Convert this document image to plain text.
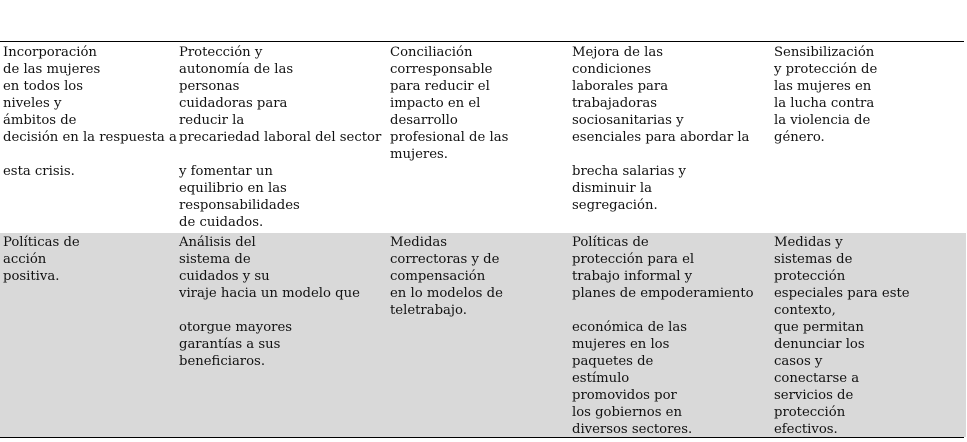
Incorporación
de las mujeres
en todos los
niveles y
ámbitos de
decisión en la respuesta a
esta crisis.
Protección y
autonomía de las
personas
cuidadoras para
reducir la
precariedad laboral del sector
y fomentar un
equilibrio en las
responsabilidades
de cuidados.
Conciliación
corresponsable
para reducir el
impacto en el
desarrollo
profesional de las
mujeres.
Mejora de las
condiciones
laborales para
trabajadoras
sociosanitarias y
esenciales para abordar la
brecha salarias y
disminuir la
segregación.
Sensibilización
y protección de
las mujeres en
la lucha contra
la violencia de
género.
Políticas de
acción
positiva.
Análisis del
sistema de
cuidados y su
viraje hacia un modelo que
otorgue mayores
garantías a sus
beneficiaros.
Medidas
correctoras y de
compensación
en lo modelos de
teletrabajo.
Políticas de
protección para el
trabajo informal y
planes de empoderamiento
económica de las
mujeres en los
paquetes de
estímulo
promovidos por
los gobiernos en
diversos sectores.
Medidas y
sistemas de
protección
especiales para este
contexto,
que permitan
denunciar los
casos y
conectarse a
servicios de
protección
efectivos.
